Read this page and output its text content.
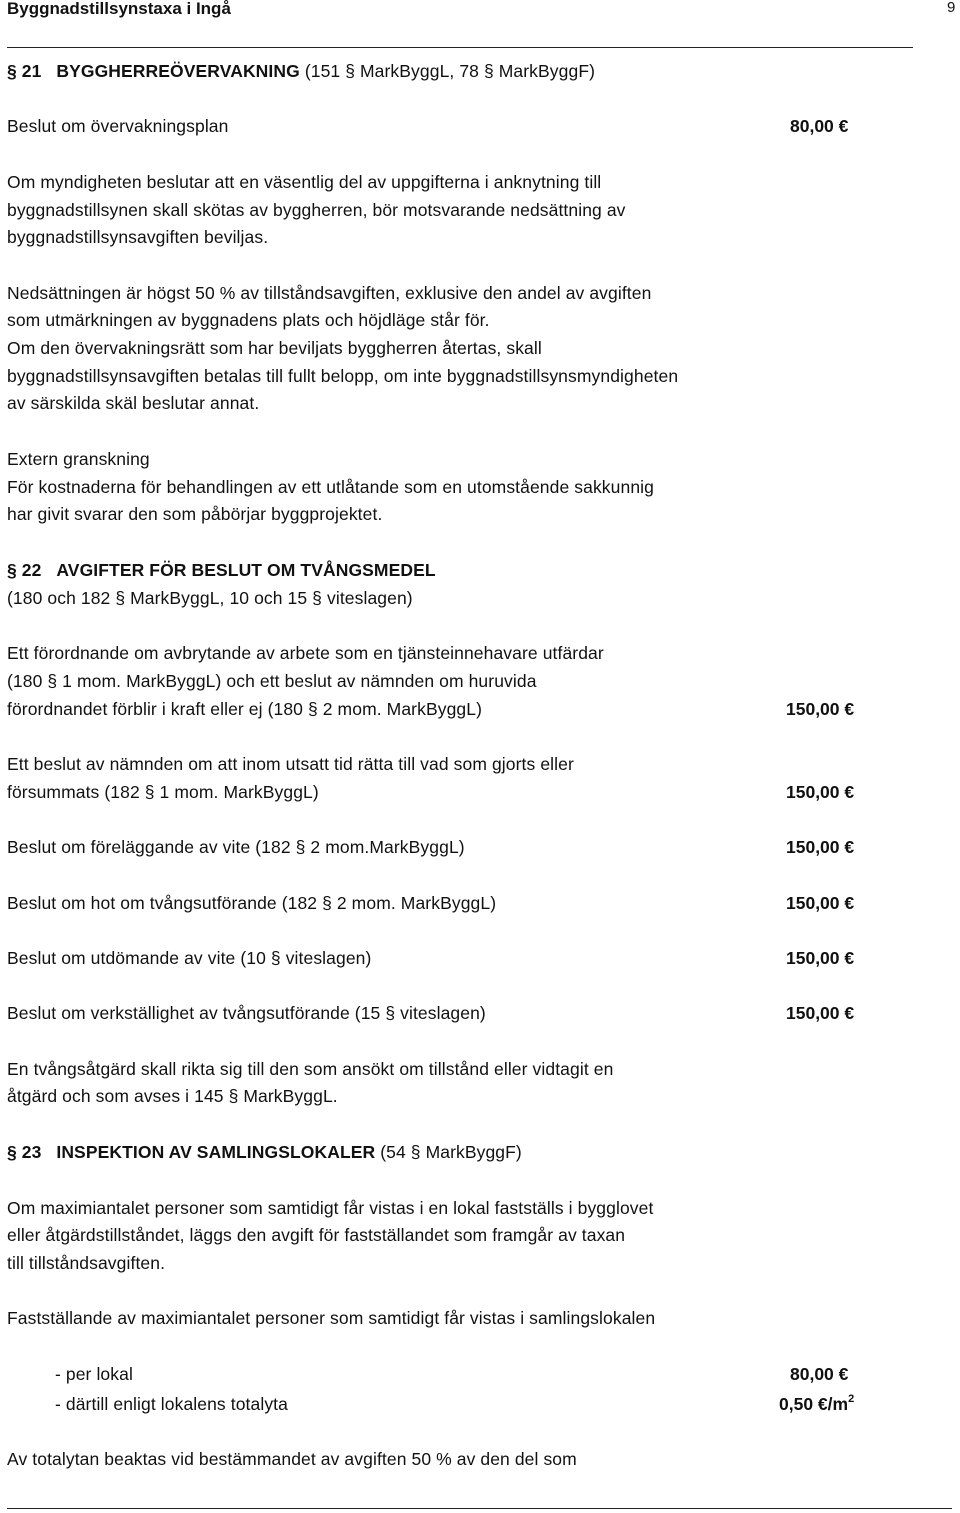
Byggnadstillsynstaxa i Ingå	9
§ 21 BYGGHERREÖVERVAKNING (151 § MarkByggL, 78 § MarkByggF)
Beslut om övervakningsplan	80,00 €
Om myndigheten beslutar att en väsentlig del av uppgifterna i anknytning till
byggnadstillsynen skall skötas av byggherren, bör motsvarande nedsättning av
byggnadstillsynsavgiften beviljas.
Nedsättningen är högst 50 % av tillståndsavgiften, exklusive den andel av avgiften
som utmärkningen av byggnadens plats och höjdläge står för.
Om den övervakningsrätt som har beviljats byggherren återtas, skall
byggnadstillsynsavgiften betalas till fullt belopp, om inte byggnadstillsynsmyndigheten
av särskilda skäl beslutar annat.
Extern granskning
För kostnaderna för behandlingen av ett utlåtande som en utomstående sakkunnig
har givit svarar den som påbörjar byggprojektet.
§ 22 AVGIFTER FÖR BESLUT OM TVÅNGSMEDEL
(180 och 182 § MarkByggL, 10 och 15 § viteslagen)
Ett förordnande om avbrytande av arbete som en tjänsteinnehavare utfärdar
(180 § 1 mom. MarkByggL) och ett beslut av nämnden om huruvida
förordnandet förblir i kraft eller ej (180 § 2 mom. MarkByggL)	150,00 €
Ett beslut av nämnden om att inom utsatt tid rätta till vad som gjorts eller
försummats (182 § 1 mom. MarkByggL)	150,00 €
Beslut om föreläggande av vite (182 § 2 mom.MarkByggL)	150,00 €
Beslut om hot om tvångsutförande (182 § 2 mom. MarkByggL)	150,00 €
Beslut om utdömande av vite (10 § viteslagen)	150,00 €
Beslut om verkställighet av tvångsutförande (15 § viteslagen)	150,00 €
En tvångsåtgärd skall rikta sig till den som ansökt om tillstånd eller vidtagit en
åtgärd och som avses i 145 § MarkByggL.
§ 23 INSPEKTION AV SAMLINGSLOKALER (54 § MarkByggF)
Om maximiantalet personer som samtidigt får vistas i en lokal fastställs i bygglovet
eller åtgärdstillståndet, läggs den avgift för fastställandet som framgår av taxan
till tillståndsavgiften.
Fastställande av maximiantalet personer som samtidigt får vistas i samlingslokalen
- per lokal	80,00 €
- därtill enligt lokalens totalyta	0,50 $€/m^2$
Av totalytan beaktas vid bestämmandet av avgiften 50 % av den del som
